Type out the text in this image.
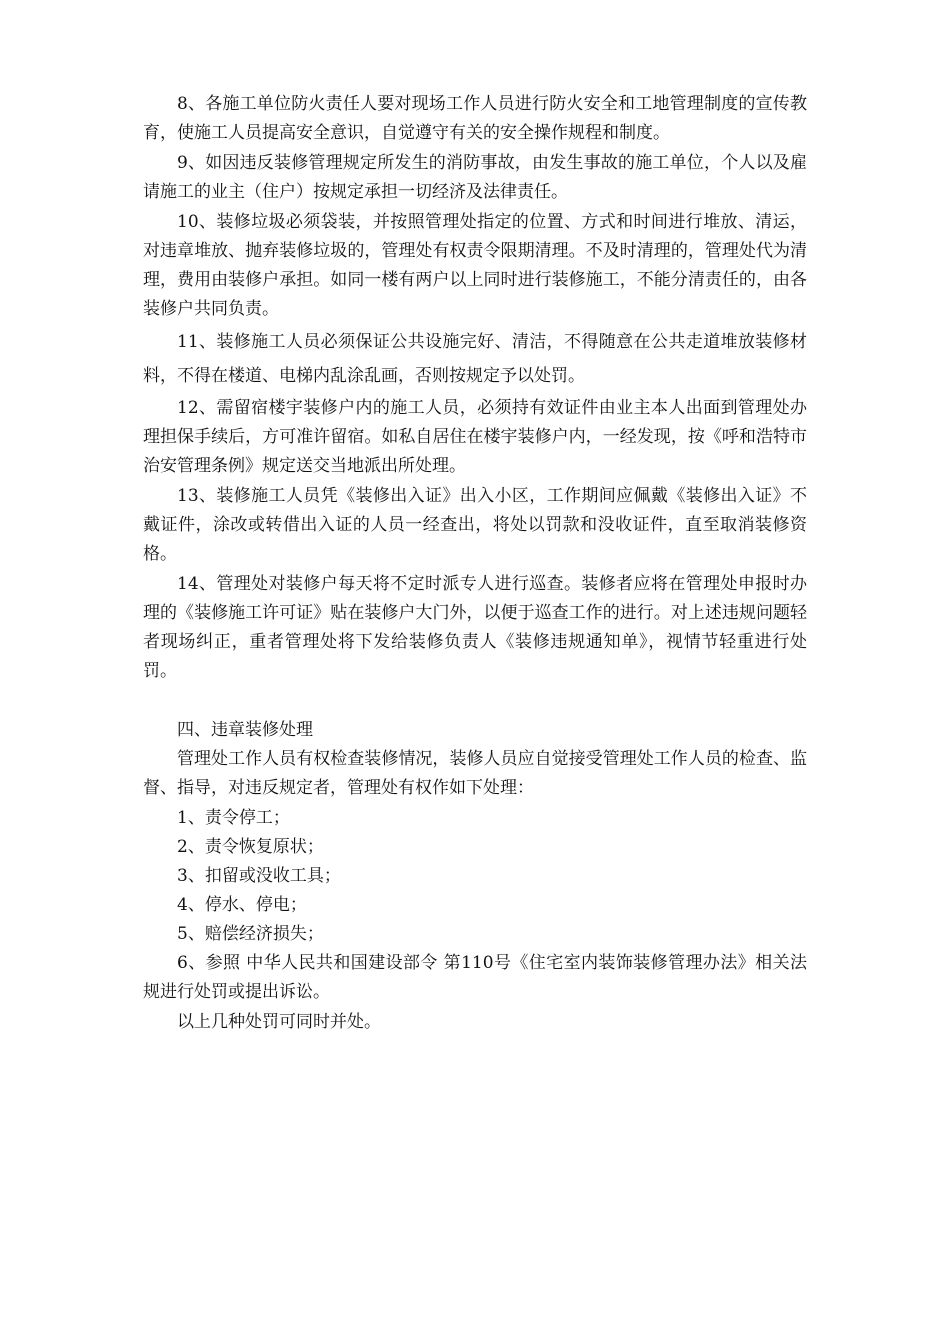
8、各施工单位防火责任人要对现场工作人员进行防火安全和工地管理制度的宣传教育，使施工人员提高安全意识，自觉遵守有关的安全操作规程和制度。

9、如因违反装修管理规定所发生的消防事故，由发生事故的施工单位，个人以及雇请施工的业主（住户）按规定承担一切经济及法律责任。

10、装修垃圾必须袋装，并按照管理处指定的位置、方式和时间进行堆放、清运，对违章堆放、抛弃装修垃圾的，管理处有权责令限期清理。不及时清理的，管理处代为清理，费用由装修户承担。如同一楼有两户以上同时进行装修施工，不能分清责任的，由各装修户共同负责。

11、装修施工人员必须保证公共设施完好、清洁，不得随意在公共走道堆放装修材料，不得在楼道、电梯内乱涂乱画，否则按规定予以处罚。

12、需留宿楼宇装修户内的施工人员，必须持有效证件由业主本人出面到管理处办理担保手续后，方可准许留宿。如私自居住在楼宇装修户内，一经发现，按《呼和浩特市治安管理条例》规定送交当地派出所处理。

13、装修施工人员凭《装修出入证》出入小区，工作期间应佩戴《装修出入证》不戴证件，涂改或转借出入证的人员一经查出，将处以罚款和没收证件，直至取消装修资格。

14、管理处对装修户每天将不定时派专人进行巡查。装修者应将在管理处申报时办理的《装修施工许可证》贴在装修户大门外，以便于巡查工作的进行。对上述违规问题轻者现场纠正，重者管理处将下发给装修负责人《装修违规通知单》，视情节轻重进行处罚。

四、违章装修处理

管理处工作人员有权检查装修情况，装修人员应自觉接受管理处工作人员的检查、监督、指导，对违反规定者，管理处有权作如下处理：

1、责令停工；

2、责令恢复原状；

3、扣留或没收工具；

4、停水、停电；

5、赔偿经济损失；

6、参照 中华人民共和国建设部令 第110号《住宅室内装饰装修管理办法》相关法规进行处罚或提出诉讼。

以上几种处罚可同时并处。
